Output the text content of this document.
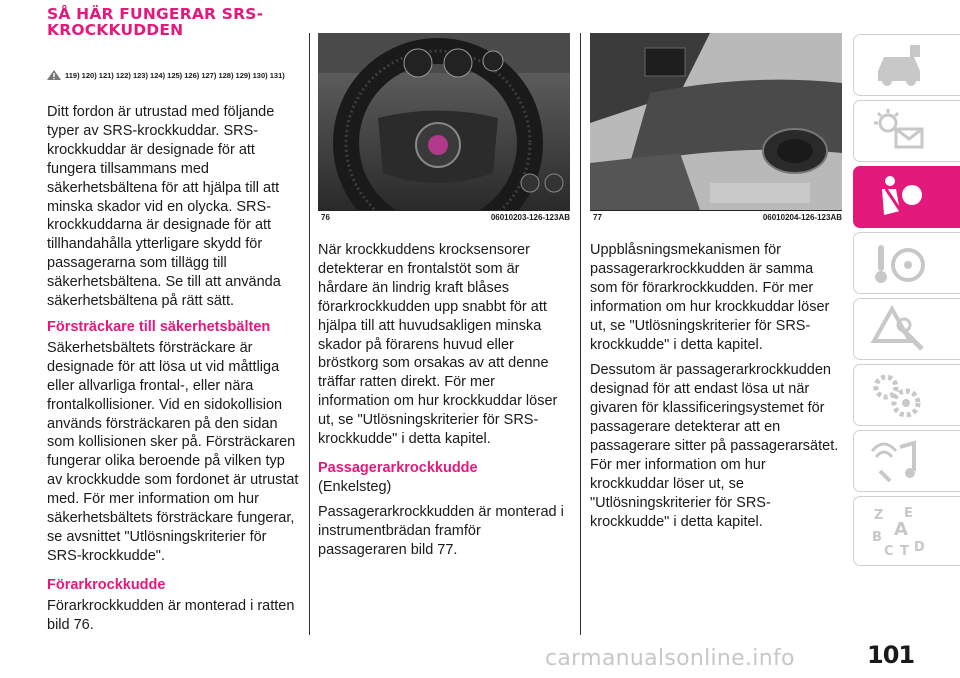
SÅ HÄR FUNGERAR SRS-KROCKKUDDEN
119) 120) 121) 122) 123) 124) 125) 126) 127) 128) 129) 130) 131)

Ditt fordon är utrustad med följande typer av SRS-krockkuddar. SRS-krockkuddar är designade för att fungera tillsammans med säkerhetsbältena för att hjälpa till att minska skador vid en olycka. SRS-krockkuddarna är designade för att tillhandahålla ytterligare skydd för passagerarna som tillägg till säkerhetsbältena. Se till att använda säkerhetsbältena på rätt sätt.

Försträckare till säkerhetsbälten

Säkerhetsbältets försträckare är designade för att lösa ut vid måttliga eller allvarliga frontal-, eller nära frontalkollisioner. Vid en sidokollision används försträckaren på den sidan som kollisionen sker på. Försträckaren fungerar olika beroende på vilken typ av krockkudde som fordonet är utrustat med. För mer information om hur säkerhetsbältets försträckare fungerar, se avsnittet "Utlösningskriterier för SRS-krockkudde".

Förarkrockkudde

Förarkrockkudden är monterad i ratten bild 76.

76	06010203-126-123AB

När krockkuddens krocksensorer detekterar en frontalstöt som är hårdare än lindrig kraft blåses förarkrockkudden upp snabbt för att hjälpa till att huvudsakligen minska skador på förarens huvud eller bröstkorg som orsakas av att denne träffar ratten direkt. För mer information om hur krockkuddar löser ut, se "Utlösningskriterier för SRS-krockkudde" i detta kapitel.

Passagerarkrockkudde

(Enkelsteg)

Passagerarkrockkudden är monterad i instrumentbrädan framför passageraren bild 77.

77	06010204-126-123AB

Uppblåsningsmekanismen för passagerarkrockkudden är samma som för förarkrockkudden. För mer information om hur krockkuddar löser ut, se "Utlösningskriterier för SRS-krockkudde" i detta kapitel.

Dessutom är passagerarkrockkudden designad för att endast lösa ut när givaren för klassificeringsystemet för passagerare detekterar att en passagerare sitter på passagerarsätet. För mer information om hur krockkuddar löser ut, se "Utlösningskriterier för SRS-krockkudde" i detta kapitel.	Z E
B A
C T D
carmanualsonline.info	101
